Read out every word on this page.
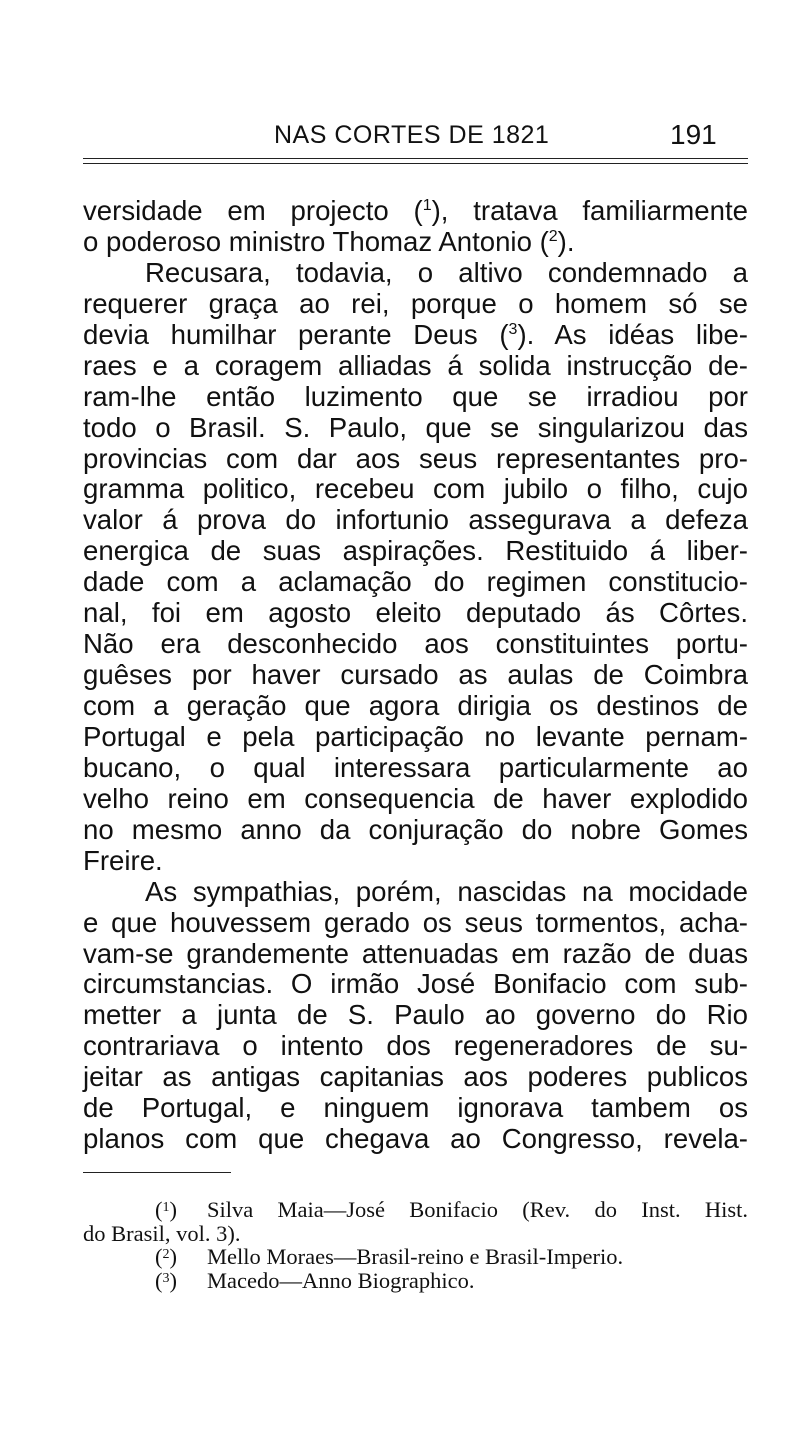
NAS CORTES DE 1821	191
versidade em projecto ($^1$), tratava familiarmente
o poderoso ministro Thomaz Antonio ($^2$).
Recusara, todavia, o altivo condemnado a
requerer graça ao rei, porque o homem só se
devia humilhar perante Deus ($^3$). As idéas libe-
raes e a coragem alliadas á solida instrucção de-
ram-lhe então luzimento que se irradiou por
todo o Brasil. S. Paulo, que se singularizou das
provincias com dar aos seus representantes pro-
gramma politico, recebeu com jubilo o filho, cujo
valor á prova do infortunio assegurava a defeza
energica de suas aspirações. Restituido á liber-
dade com a aclamação do regimen constitucio-
nal, foi em agosto eleito deputado ás Côrtes.
Não era desconhecido aos constituintes portu-
guêses por haver cursado as aulas de Coimbra
com a geração que agora dirigia os destinos de
Portugal e pela participação no levante pernam-
bucano, o qual interessara particularmente ao
velho reino em consequencia de haver explodido
no mesmo anno da conjuração do nobre Gomes
Freire.
As sympathias, porém, nascidas na mocidade
e que houvessem gerado os seus tormentos, acha-
vam-se grandemente attenuadas em razão de duas
circumstancias. O irmão José Bonifacio com sub-
metter a junta de S. Paulo ao governo do Rio
contrariava o intento dos regeneradores de su-
jeitar as antigas capitanias aos poderes publicos
de Portugal, e ninguem ignorava tambem os
planos com que chegava ao Congresso, revela-
($^1$) Silva Maia—José Bonifacio (Rev. do Inst. Hist.
do Brasil, vol. 3).
($^2$) Mello Moraes—Brasil-reino e Brasil-Imperio.
($^3$) Macedo—Anno Biographico.
